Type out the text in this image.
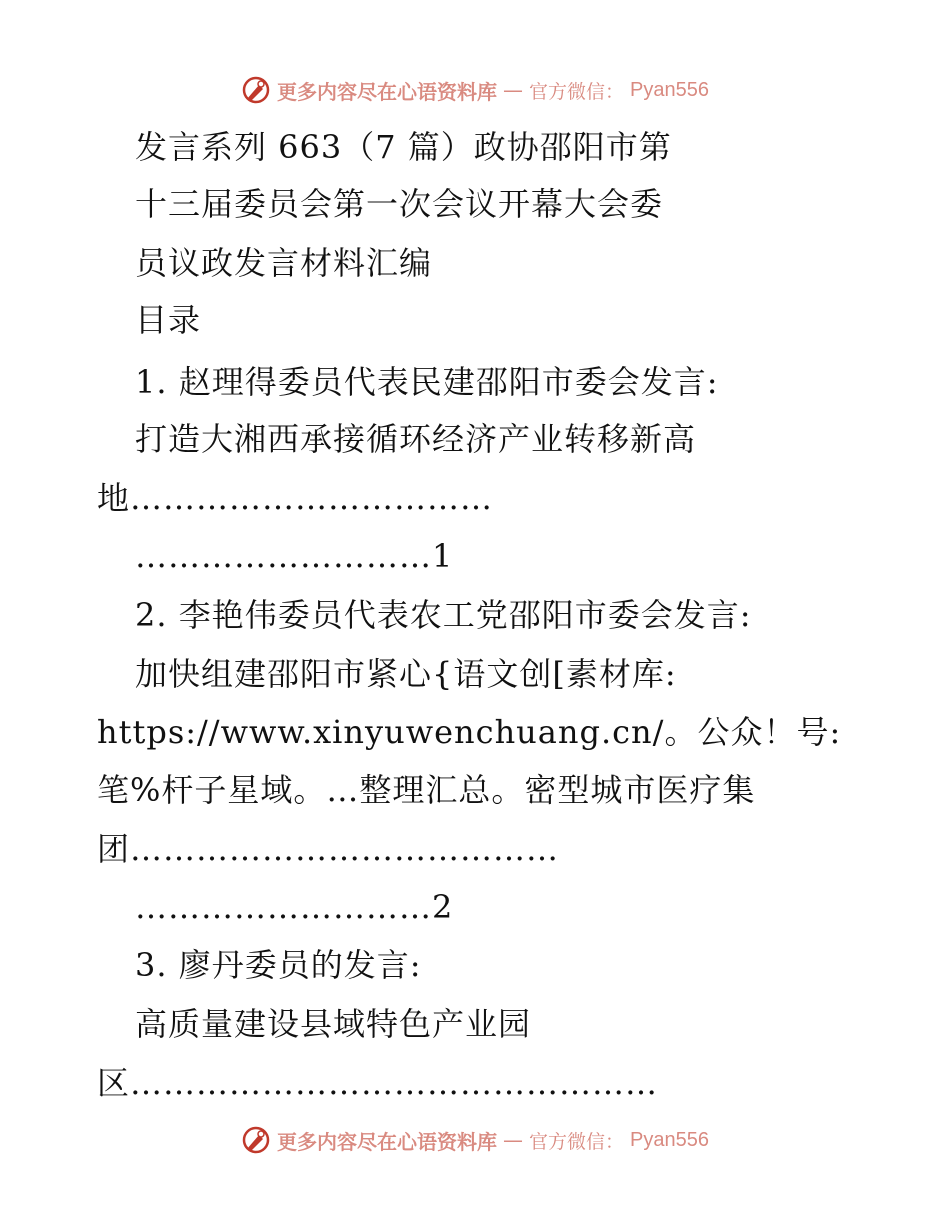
更多内容尽在心语资料库 — 官方微信： Pyan556
发言系列 663（7 篇）政协邵阳市第
十三届委员会第一次会议开幕大会委
员议政发言材料汇编
目录
1. 赵理得委员代表民建邵阳市委会发言:
打造大湘西承接循环经济产业转移新高
地……………………………
………………………1
2. 李艳伟委员代表农工党邵阳市委会发言:
加快组建邵阳市紧心{语文创[素材库:
https://www.xinyuwenchuang.cn/。公众！号:
笔%杆子星域。…整理汇总。密型城市医疗集
团…………………………………
………………………2
3. 廖丹委员的发言:
高质量建设县域特色产业园
区…………………………………………
更多内容尽在心语资料库 — 官方微信： Pyan556
